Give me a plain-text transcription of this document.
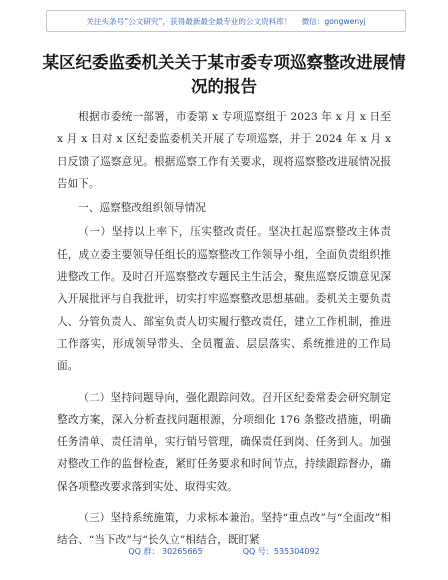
关注头条号“公文研究”，获得最新最全最专业的公文资料库！ 微信：gongwenyj
某区纪委监委机关关于某市委专项巡察整改进展情况的报告

根据市委统一部署，市委第 x 专项巡察组于 2023 年 x 月 x 日至 x 月 x 日对 x 区纪委监委机关开展了专项巡察，并于 2024 年 x 月 x 日反馈了巡察意见。根据巡察工作有关要求，现将巡察整改进展情况报告如下。

一、巡察整改组织领导情况

（一）坚持以上率下，压实整改责任。坚决扛起巡察整改主体责任，成立委主要领导任组长的巡察整改工作领导小组，全面负责组织推进整改工作。及时召开巡察整改专题民主生活会，聚焦巡察反馈意见深入开展批评与自我批评，切实打牢巡察整改思想基础。委机关主要负责人、分管负责人、部室负责人切实履行整改责任，建立工作机制，推进工作落实，形成领导带头、全员覆盖、层层落实、系统推进的工作局面。

（二）坚持问题导向，强化跟踪问效。召开区纪委常委会研究制定整改方案，深入分析查找问题根源，分项细化 176 条整改措施，明确任务清单、责任清单，实行销号管理，确保责任到岗、任务到人。加强对整改工作的监督检查，紧盯任务要求和时间节点，持续跟踪督办，确保各项整改要求落到实处、取得实效。

（三）坚持系统施策，力求标本兼治。坚持“重点改”与“全面改”相结合、“当下改”与“长久立”相结合，既盯紧

QQ 群： 30265665	QQ 号：535304092
